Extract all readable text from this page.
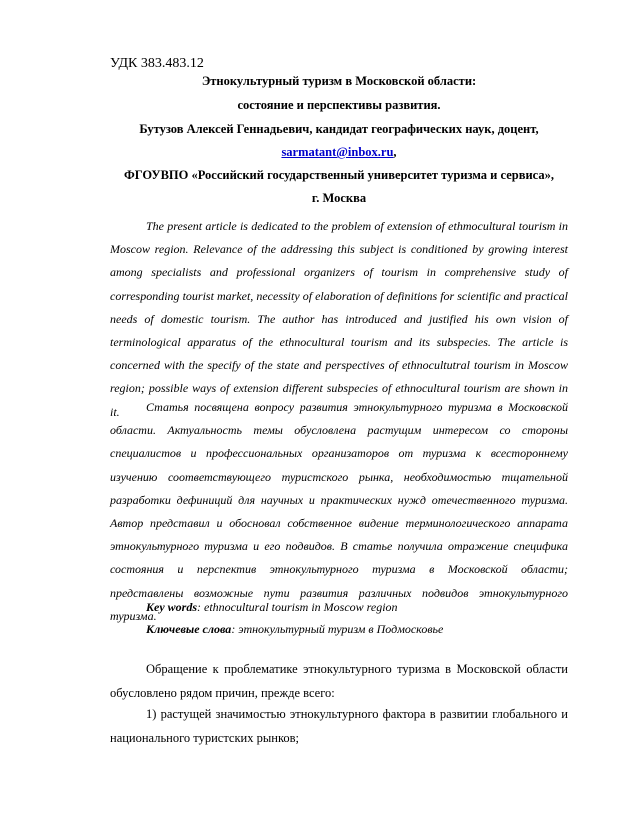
УДК 383.483.12
Этнокультурный туризм в Московской области:
состояние и перспективы развития.
Бутузов Алексей Геннадьевич, кандидат географических наук, доцент,
sarmatant@inbox.ru,
ФГОУВПО «Российский государственный университет туризма и сервиса»,
г. Москва

The present article is dedicated to the problem of extension of ethmocultural tourism in Moscow region. Relevance of the addressing this subject is conditioned by growing interest among specialists and professional organizers of tourism in comprehensive study of corresponding tourist market, necessity of elaboration of definitions for scientific and practical needs of domestic tourism. The author has introduced and justified his own vision of terminological apparatus of the ethnocultural tourism and its subspecies. The article is concerned with the specify of the state and perspectives of ethnocultutral tourism in Moscow region; possible ways of extension different subspecies of ethnocultural tourism are shown in it.	Статья посвящена вопросу развития этнокультурного туризма в Московской области. Актуальность темы обусловлена растущим интересом со стороны специалистов и профессиональных организаторов от туризма к всестороннему изучению соответствующего туристского рынка, необходимостью тщательной разработки дефиниций для научных и практических нужд отечественного туризма. Автор представил и обосновал собственное видение терминологического аппарата этнокультурного туризма и его подвидов. В статье получила отражение специфика состояния и перспектив этнокультурного туризма в Московской области; представлены возможные пути развития различных подвидов этнокультурного туризма.

Key words: ethnocultural tourism in Moscow region
Ключевые слова: этнокультурный туризм в Подмосковье

Обращение к проблематике этнокультурного туризма в Московской области обусловлено рядом причин, прежде всего:

1) растущей значимостью этнокультурного фактора в развитии глобального и национального туристских рынков;
